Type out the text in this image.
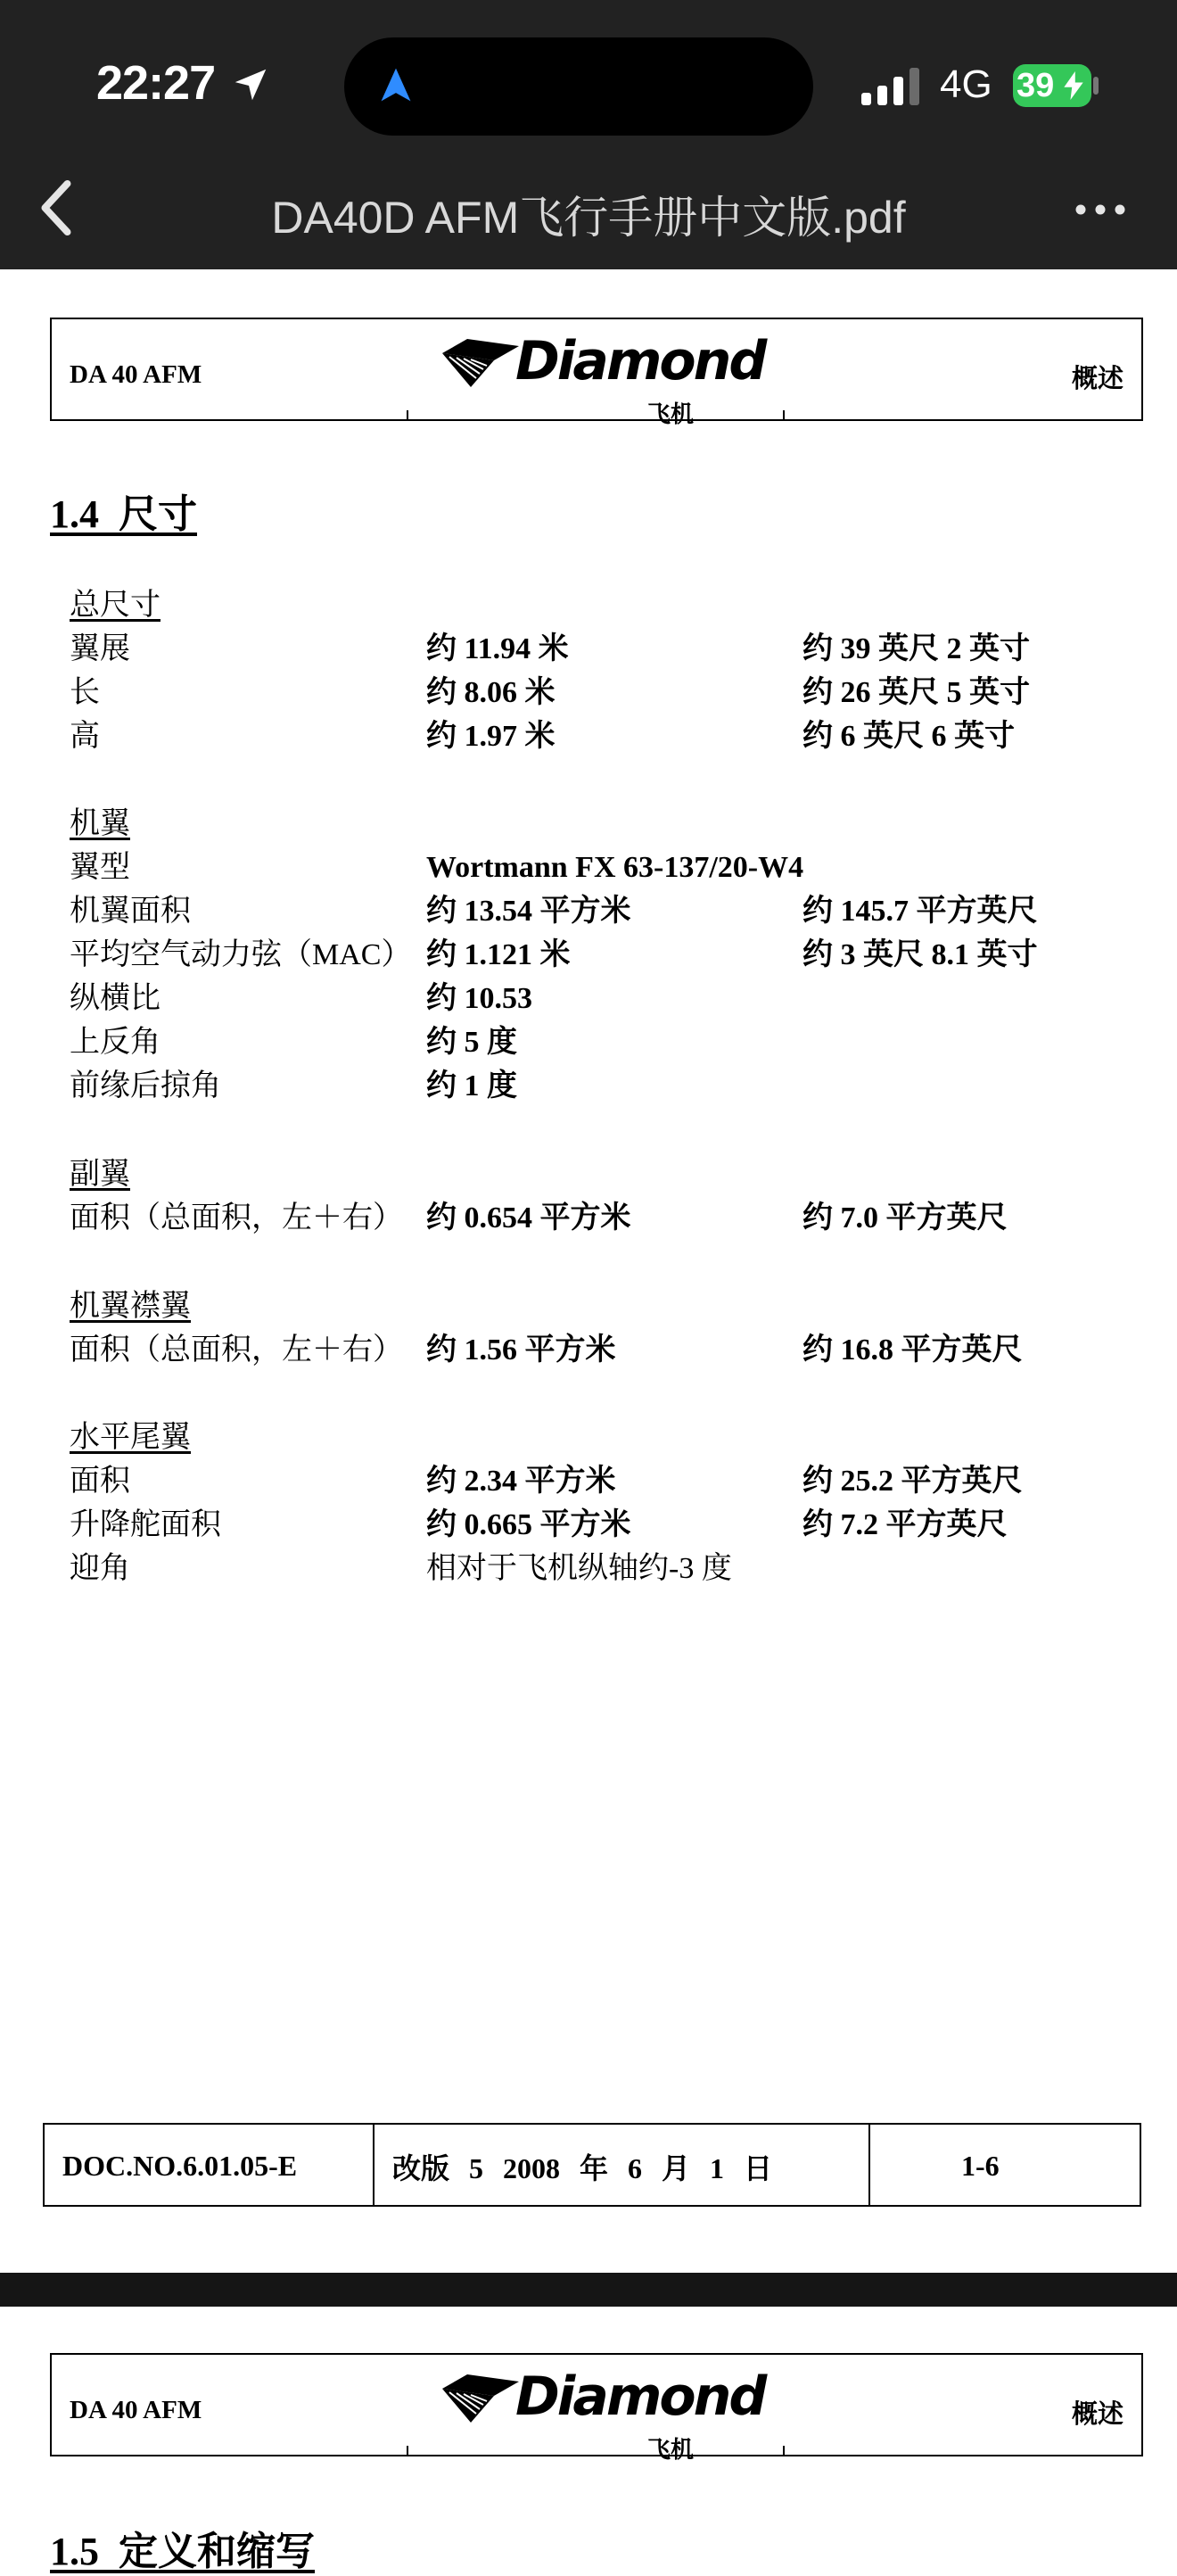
22:27	4G 39
DA40D AFM飞行手册中文版.pdf
DA 40 AFM	Diamond
飞机
概述
1.4 尺寸
总尺寸
翼展	约 11.94 米	约 39 英尺 2 英寸
长	约 8.06 米	约 26 英尺 5 英寸
高	约 1.97 米	约 6 英尺 6 英寸
机翼
翼型	Wortmann FX 63-137/20-W4
机翼面积	约 13.54 平方米	约 145.7 平方英尺
平均空气动力弦（MAC） 约 1.121 米	约 3 英尺 8.1 英寸
纵横比	约 10.53
上反角	约 5 度
前缘后掠角	约 1 度
副翼
面积（总面积，左＋右） 约 0.654 平方米	约 7.0 平方英尺
机翼襟翼
面积（总面积，左＋右） 约 1.56 平方米	约 16.8 平方英尺
水平尾翼
面积	约 2.34 平方米	约 25.2 平方英尺
升降舵面积	约 0.665 平方米	约 7.2 平方英尺
迎角	相对于飞机纵轴约-3 度
DOC.NO.6.01.05-E	改版 5 2008 年 6 月 1 日	1-6
DA 40 AFM	Diamond
飞机
概述
1.5 定义和缩写
